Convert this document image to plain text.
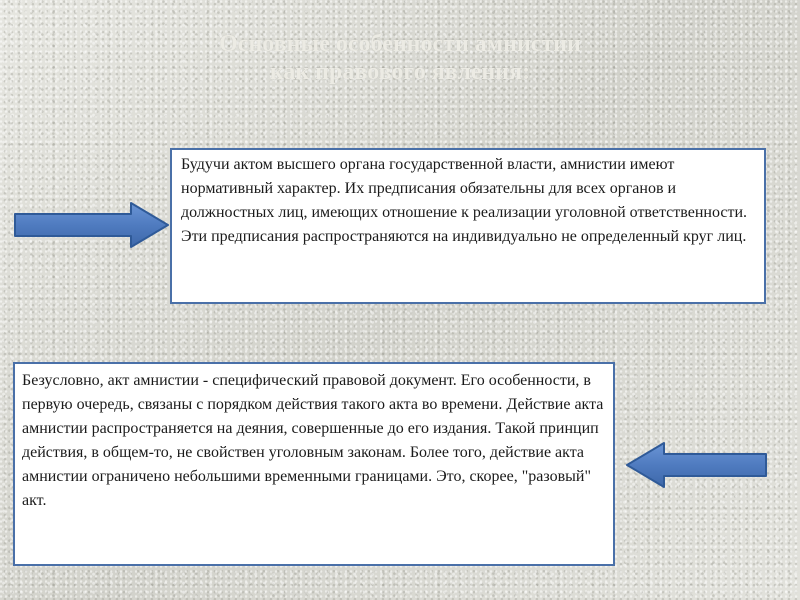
Основные особенности амнистии
как правового явления:

Будучи актом высшего органа государственной власти, амнистии имеют нормативный характер. Их предписания обязательны для всех органов и должностных лиц, имеющих отношение к реализации уголовной ответственности. Эти предписания распространяются на индивидуально не определенный круг лиц.

Безусловно, акт амнистии - специфический правовой документ. Его особенности, в первую очередь, связаны с порядком действия такого акта во времени. Действие акта амнистии распространяется на деяния, совершенные до его издания. Такой принцип действия, в общем-то, не свойствен уголовным законам. Более того, действие акта амнистии ограничено небольшими временными границами. Это, скорее, "разовый" акт.
